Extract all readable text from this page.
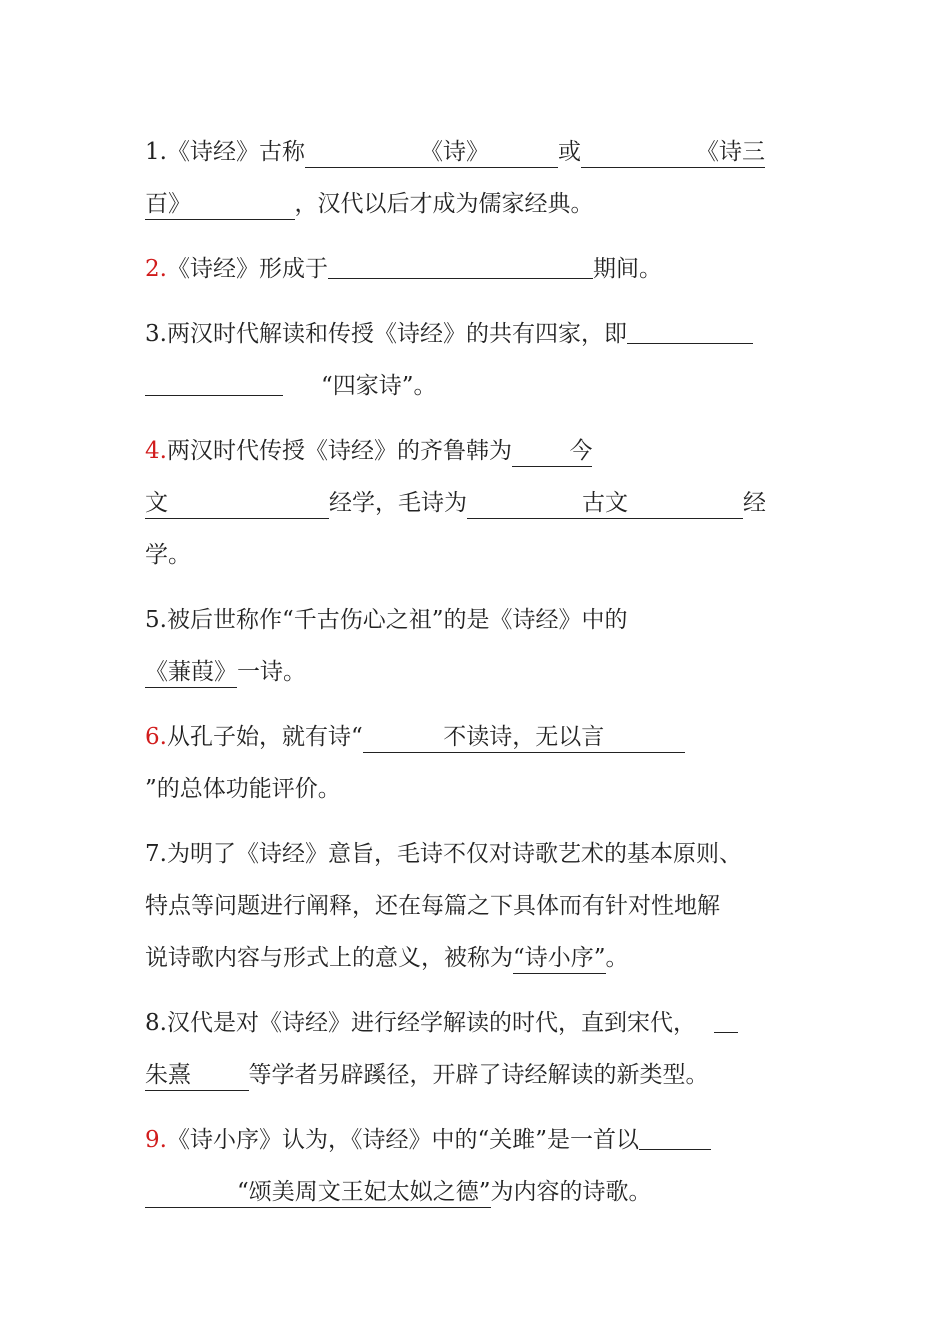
1.《诗经》古称     	《诗》   	或     	《诗三
百》     	，汉代以后才成为儒家经典。
2.《诗经》形成于	期间。
3.两汉时代解读和传授《诗经》的共有四家，即
“四家诗”。
4.两汉时代传授《诗经》的齐鲁韩为   	今
文       	经学，毛诗为     	古文     	经
学。
5.被后世称作“千古伤心之祖”的是《诗经》中的
《蒹葭》一诗。
6.从孔子始，就有诗“    	不读诗，无以言    
”的总体功能评价。
7.为明了《诗经》意旨，毛诗不仅对诗歌艺术的基本原则、
特点等问题进行阐释，还在每篇之下具体而有针对性地解
说诗歌内容与形式上的意义，被称为“诗小序”。
8.汉代是对《诗经》进行经学解读的时代，直到宋代，
朱熹   	等学者另辟蹊径，开辟了诗经解读的新类型。
9.《诗小序》认为，《诗经》中的“关雎”是一首以
    “颂美周文王妃太姒之德”为内容的诗歌。
